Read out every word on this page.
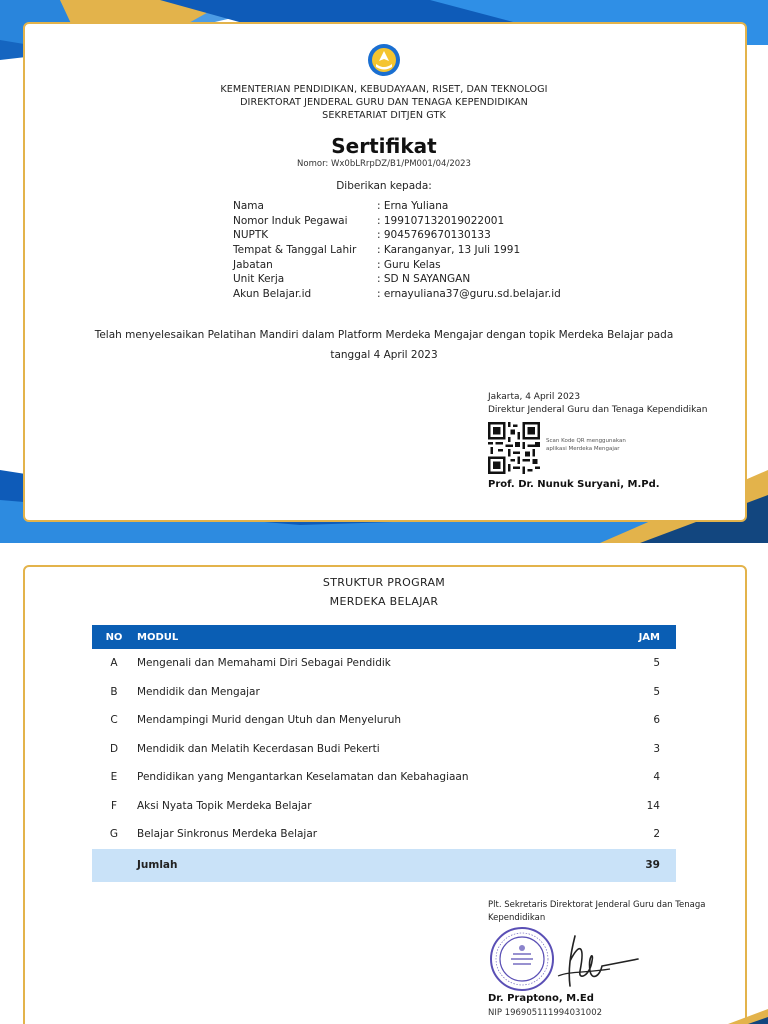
KEMENTERIAN PENDIDIKAN, KEBUDAYAAN, RISET, DAN TEKNOLOGI
DIREKTORAT JENDERAL GURU DAN TENAGA KEPENDIDIKAN
SEKRETARIAT DITJEN GTK
Sertifikat
Nomor: Wx0bLRrpDZ/B1/PM001/04/2023
Diberikan kepada:
Nama	: Erna Yuliana
Nomor Induk Pegawai	: 199107132019022001
NUPTK	: 9045769670130133
Tempat & Tanggal Lahir : Karanganyar, 13 Juli 1991
Jabatan	: Guru Kelas
Unit Kerja	: SD N SAYANGAN
Akun Belajar.id	: ernayuliana37@guru.sd.belajar.id
Telah menyelesaikan Pelatihan Mandiri dalam Platform Merdeka Mengajar dengan topik Merdeka Belajar pada
tanggal 4 April 2023
Jakarta, 4 April 2023
Direktur Jenderal Guru dan Tenaga Kependidikan
Scan Kode QR menggunakan
aplikasi Merdeka Mengajar
Prof. Dr. Nunuk Suryani, M.Pd.
STRUKTUR PROGRAM
MERDEKA BELAJAR
NO	MODUL	JAM
A	Mengenali dan Memahami Diri Sebagai Pendidik	5
B	Mendidik dan Mengajar	5
C	Mendampingi Murid dengan Utuh dan Menyeluruh	6
D	Mendidik dan Melatih Kecerdasan Budi Pekerti	3
E	Pendidikan yang Mengantarkan Keselamatan dan Kebahagiaan	4
F	Aksi Nyata Topik Merdeka Belajar	14
G	Belajar Sinkronus Merdeka Belajar	2
	Jumlah	39
Plt. Sekretaris Direktorat Jenderal Guru dan Tenaga
Kependidikan
Dr. Praptono, M.Ed
NIP 196905111994031002
